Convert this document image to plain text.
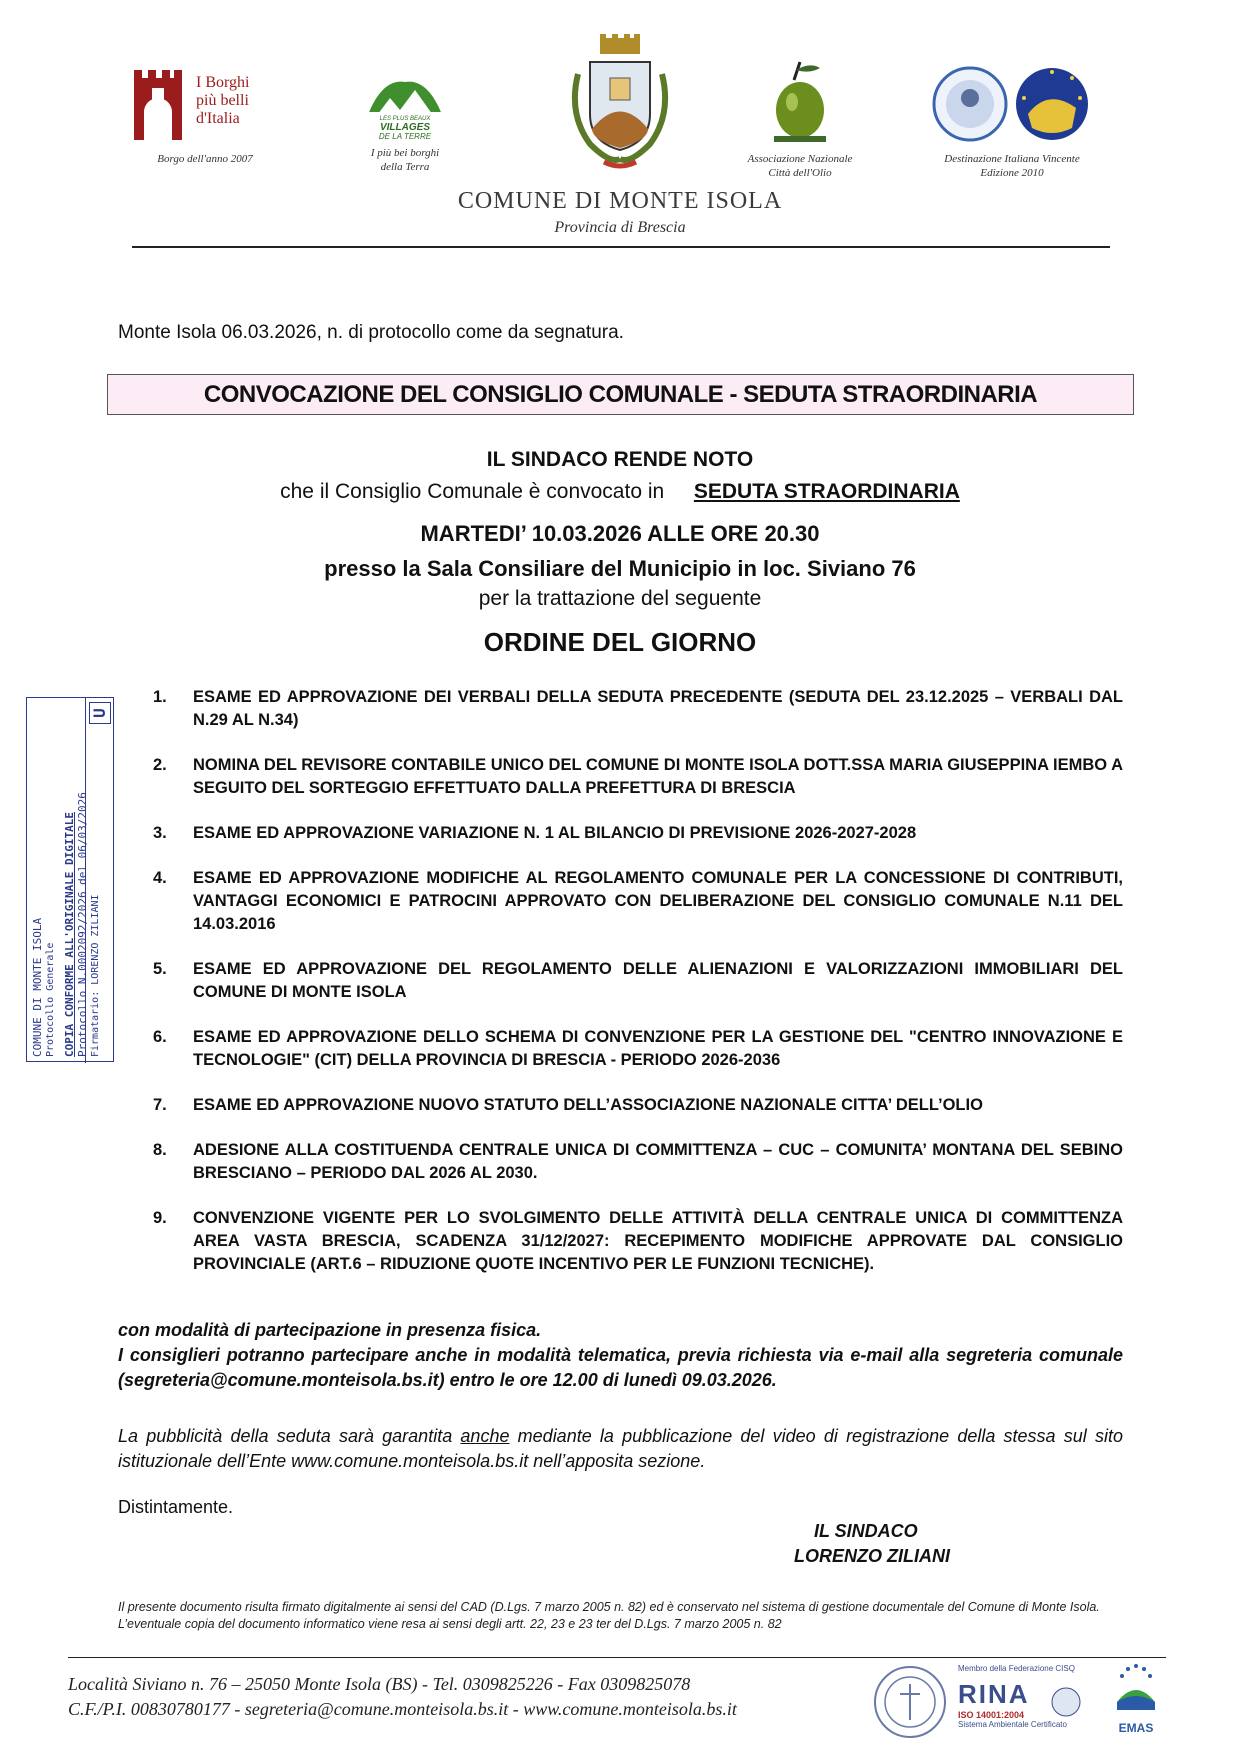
I Borghi
più belli
d'Italia
Borgo dell'anno 2007
LES PLUS BEAUX
VILLAGES
DE LA TERRE
I più bei borghi
della Terra
Associazione Nazionale
Città dell'Olio
Destinazione Italiana Vincente
Edizione 2010
COMUNE DI MONTE ISOLA
Provincia di Brescia
Monte Isola 06.03.2026, n. di protocollo come da segnatura.
CONVOCAZIONE DEL CONSIGLIO COMUNALE - SEDUTA STRAORDINARIA
IL SINDACO RENDE NOTO
che il Consiglio Comunale è convocato in SEDUTA STRAORDINARIA
MARTEDI’ 10.03.2026 ALLE ORE 20.30
presso la Sala Consiliare del Municipio in loc. Siviano 76
per la trattazione del seguente
ORDINE DEL GIORNO
1. ESAME ED APPROVAZIONE DEI VERBALI DELLA SEDUTA PRECEDENTE (SEDUTA DEL 23.12.2025 – VERBALI DAL N.29 AL N.34)
2. NOMINA DEL REVISORE CONTABILE UNICO DEL COMUNE DI MONTE ISOLA DOTT.SSA MARIA GIUSEPPINA IEMBO A SEGUITO DEL SORTEGGIO EFFETTUATO DALLA PREFETTURA DI BRESCIA
3. ESAME ED APPROVAZIONE VARIAZIONE N. 1 AL BILANCIO DI PREVISIONE 2026-2027-2028
4. ESAME ED APPROVAZIONE MODIFICHE AL REGOLAMENTO COMUNALE PER LA CONCESSIONE DI CONTRIBUTI, VANTAGGI ECONOMICI E PATROCINI APPROVATO CON DELIBERAZIONE DEL CONSIGLIO COMUNALE N.11 DEL 14.03.2016
5. ESAME ED APPROVAZIONE DEL REGOLAMENTO DELLE ALIENAZIONI E VALORIZZAZIONI IMMOBILIARI DEL COMUNE DI MONTE ISOLA
6. ESAME ED APPROVAZIONE DELLO SCHEMA DI CONVENZIONE PER LA GESTIONE DEL "CENTRO INNOVAZIONE E TECNOLOGIE" (CIT) DELLA PROVINCIA DI BRESCIA - PERIODO 2026-2036
7. ESAME ED APPROVAZIONE NUOVO STATUTO DELL’ASSOCIAZIONE NAZIONALE CITTA’ DELL’OLIO
8. ADESIONE ALLA COSTITUENDA CENTRALE UNICA DI COMMITTENZA – CUC – COMUNITA’ MONTANA DEL SEBINO BRESCIANO – PERIODO DAL 2026 AL 2030.
9. CONVENZIONE VIGENTE PER LO SVOLGIMENTO DELLE ATTIVITÀ DELLA CENTRALE UNICA DI COMMITTENZA AREA VASTA BRESCIA, SCADENZA 31/12/2027: RECEPIMENTO MODIFICHE APPROVATE DAL CONSIGLIO PROVINCIALE (ART.6 – RIDUZIONE QUOTE INCENTIVO PER LE FUNZIONI TECNICHE).
U
COMUNE DI MONTE ISOLA Protocollo Generale COPIA CONFORME ALL'ORIGINALE DIGITALE Protocollo N.0002092/2026 del 06/03/2026 Firmatario: LORENZO ZILIANI
con modalità di partecipazione in presenza fisica.
I consiglieri potranno partecipare anche in modalità telematica, previa richiesta via e-mail alla segreteria comunale (segreteria@comune.monteisola.bs.it) entro le ore 12.00 di lunedì 09.03.2026.
La pubblicità della seduta sarà garantita anche mediante la pubblicazione del video di registrazione della stessa sul sito istituzionale dell’Ente www.comune.monteisola.bs.it nell’apposita sezione.
Distintamente.
IL SINDACO
LORENZO ZILIANI
Il presente documento risulta firmato digitalmente ai sensi del CAD (D.Lgs. 7 marzo 2005 n. 82) ed è conservato nel sistema di gestione documentale del Comune di Monte Isola. L’eventuale copia del documento informatico viene resa ai sensi degli artt. 22, 23 e 23 ter del D.Lgs. 7 marzo 2005 n. 82
Località Siviano n. 76 – 25050 Monte Isola (BS) - Tel. 0309825226 - Fax 0309825078
C.F./P.I. 00830780177 - segreteria@comune.monteisola.bs.it - www.comune.monteisola.bs.it
Membro della Federazione CISQ
RINA
ISO 14001:2004
Sistema Ambientale Certificato	EMAS
